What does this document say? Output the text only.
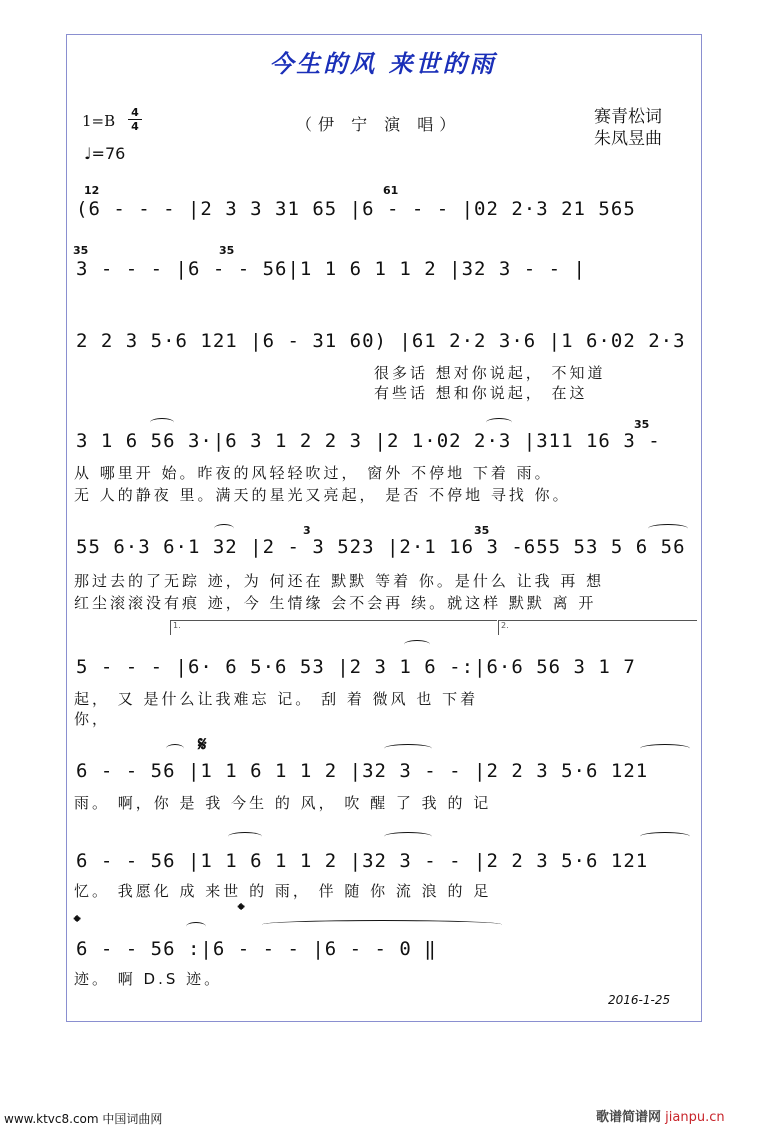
今生的风 来世的雨
1=B 4
4
♩=76
（伊 宁 演 唱）	赛青松词
朱凤昱曲
12	61
35	35
35
3	35
(6 - - - |2 3 3 31 65 |6 - - - |02 2·3 21 565
3 - - - |6 - - 56|1 1 6 1 1 2 |32 3 - - |
2 2 3 5·6 121 |6 - 31 60) |61 2·2 3·6 |1 6·02 2·3
3 1 6 56 3·|6 3 1 2 2 3 |2 1·02 2·3 |311 16 3 -
55 6·3 6·1 32 |2 - 3 523 |2·1 16 3 -655 53 5 6 56
5 - - - |6· 6 5·6 53 |2 3 1 6 -:|6·6 56 3 1 7
6 - - 56 |1 1 6 1 1 2 |32 3 - - |2 2 3 5·6 121
6 - - 56 |1 1 6 1 1 2 |32 3 - - |2 2 3 5·6 121
6 - - 56 :|6 - - - |6 - - 0 ‖
很多话 想对你说起， 不知道
有些话 想和你说起， 在这
从 哪里开 始。昨夜的风轻轻吹过， 窗外 不停地 下着 雨。
无 人的静夜 里。满天的星光又亮起， 是否 不停地 寻找 你。
那过去的了无踪 迹，为 何还在 默默 等着 你。是什么 让我 再 想
红尘滚滚没有痕 迹，今 生情缘 会不会再 续。就这样 默默 离 开
起， 又 是什么让我难忘 记。 刮 着 微风 也 下着
你，
雨。 啊，你 是 我 今生 的 风， 吹 醒 了 我 的 记
忆。 我愿化 成 来世 的 雨， 伴 随 你 流 浪 的 足
迹。 啊 D.S 迹。
1.	2.
𝄋
𝄌
𝄌
2016-1-25
www.ktvc8.com 中国词曲网	歌谱简谱网 jianpu.cn
